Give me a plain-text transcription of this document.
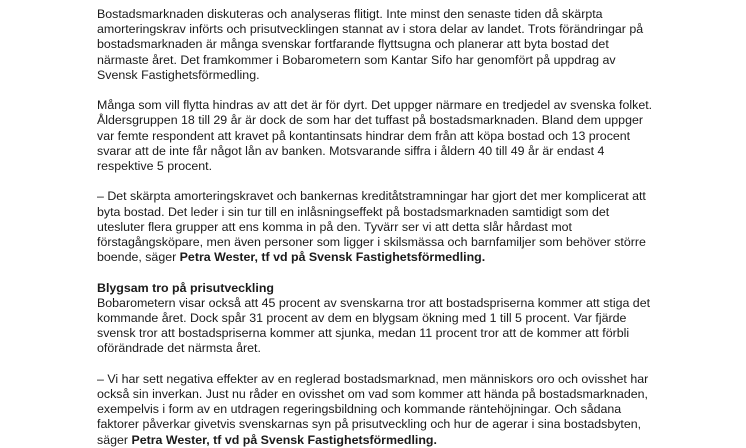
Bostadsmarknaden diskuteras och analyseras flitigt. Inte minst den senaste tiden då skärpta amorteringskrav införts och prisutvecklingen stannat av i stora delar av landet. Trots förändringar på bostadsmarknaden är många svenskar fortfarande flyttsugna och planerar att byta bostad det närmaste året. Det framkommer i Bobarometern som Kantar Sifo har genomfört på uppdrag av Svensk Fastighetsförmedling.

Många som vill flytta hindras av att det är för dyrt. Det uppger närmare en tredjedel av svenska folket. Åldersgruppen 18 till 29 år är dock de som har det tuffast på bostadsmarknaden. Bland dem uppger var femte respondent att kravet på kontantinsats hindrar dem från att köpa bostad och 13 procent svarar att de inte får något lån av banken. Motsvarande siffra i åldern 40 till 49 år är endast 4 respektive 5 procent.

– Det skärpta amorteringskravet och bankernas kreditåtstramningar har gjort det mer komplicerat att byta bostad. Det leder i sin tur till en inlåsningseffekt på bostadsmarknaden samtidigt som det utesluter flera grupper att ens komma in på den. Tyvärr ser vi att detta slår hårdast mot förstagångsköpare, men även personer som ligger i skilsmässa och barnfamiljer som behöver större boende, säger Petra Wester, tf vd på Svensk Fastighetsförmedling.

Blygsam tro på prisutveckling

Bobarometern visar också att 45 procent av svenskarna tror att bostadspriserna kommer att stiga det kommande året. Dock spår 31 procent av dem en blygsam ökning med 1 till 5 procent. Var fjärde svensk tror att bostadspriserna kommer att sjunka, medan 11 procent tror att de kommer att förbli oförändrade det närmsta året.

– Vi har sett negativa effekter av en reglerad bostadsmarknad, men människors oro och ovisshet har också sin inverkan. Just nu råder en ovisshet om vad som kommer att hända på bostadsmarknaden, exempelvis i form av en utdragen regeringsbildning och kommande räntehöjningar. Och sådana faktorer påverkar givetvis svenskarnas syn på prisutveckling och hur de agerar i sina bostadsbyten, säger Petra Wester, tf vd på Svensk Fastighetsförmedling.
